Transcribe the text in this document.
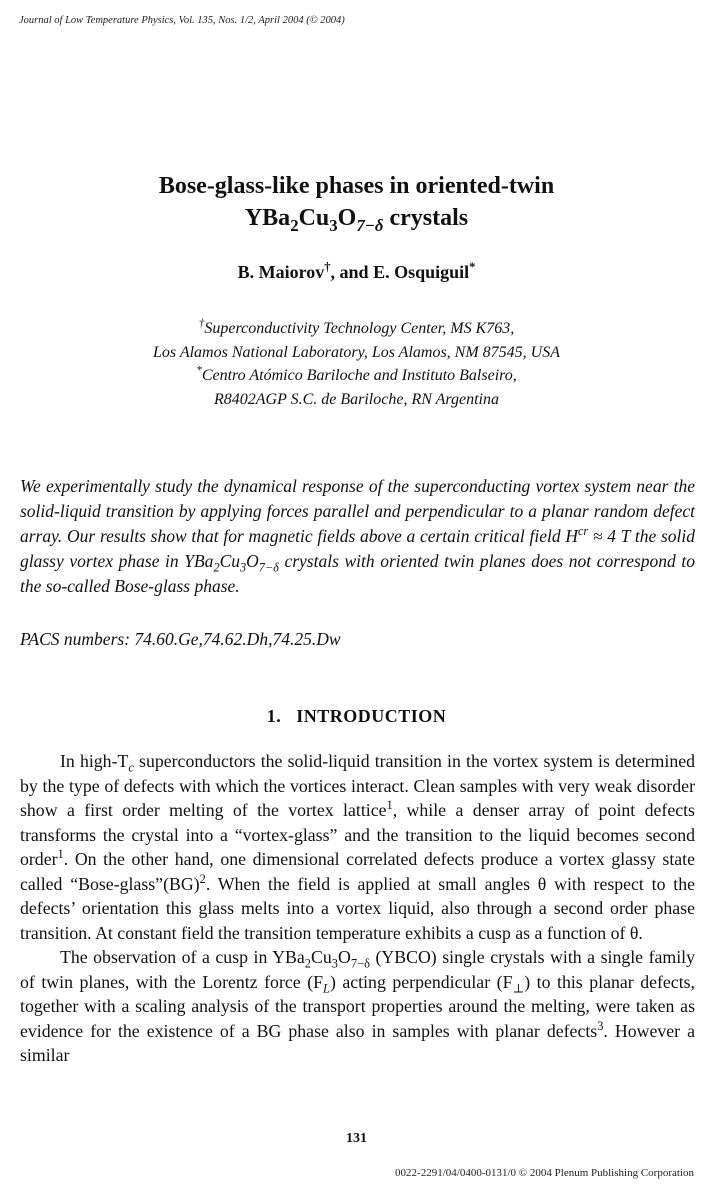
Journal of Low Temperature Physics, Vol. 135, Nos. 1/2, April 2004 (© 2004)
Bose-glass-like phases in oriented-twin
$YBa_2Cu_3O_{7-\delta}$ crystals
B. Maiorov†, and E. Osquiguil*
†Superconductivity Technology Center, MS K763,
Los Alamos National Laboratory, Los Alamos, NM 87545, USA
*Centro Atómico Bariloche and Instituto Balseiro,
R8402AGP S.C. de Bariloche, RN Argentina

We experimentally study the dynamical response of the superconducting vortex system near the solid-liquid transition by applying forces parallel and perpendicular to a planar random defect array. Our results show that for magnetic fields above a certain critical field $H^{cr} \approx 4$ T the solid glassy vortex phase in $YBa_2Cu_3O_{7-\delta}$ crystals with oriented twin planes does not correspond to the so-called Bose-glass phase.

PACS numbers: 74.60.Ge,74.62.Dh,74.25.Dw
1.   INTRODUCTION

In high-$T_c$ superconductors the solid-liquid transition in the vortex system is determined by the type of defects with which the vortices interact. Clean samples with very weak disorder show a first order melting of the vortex lattice$^1$, while a denser array of point defects transforms the crystal into a “vortex-glass” and the transition to the liquid becomes second order$^1$. On the other hand, one dimensional correlated defects produce a vortex glassy state called “Bose-glass”(BG)$^2$. When the field is applied at small angles θ with respect to the defects’ orientation this glass melts into a vortex liquid, also through a second order phase transition. At constant field the transition temperature exhibits a cusp as a function of θ.

The observation of a cusp in $YBa_2Cu_3O_{7-\delta}$ (YBCO) single crystals with a single family of twin planes, with the Lorentz force $(F_L)$ acting perpendicular $(F_\perp)$ to this planar defects, together with a scaling analysis of the transport properties around the melting, were taken as evidence for the existence of a BG phase also in samples with planar defects$^3$. However a similar

131
0022-2291/04/0400-0131/0 © 2004 Plenum Publishing Corporation
